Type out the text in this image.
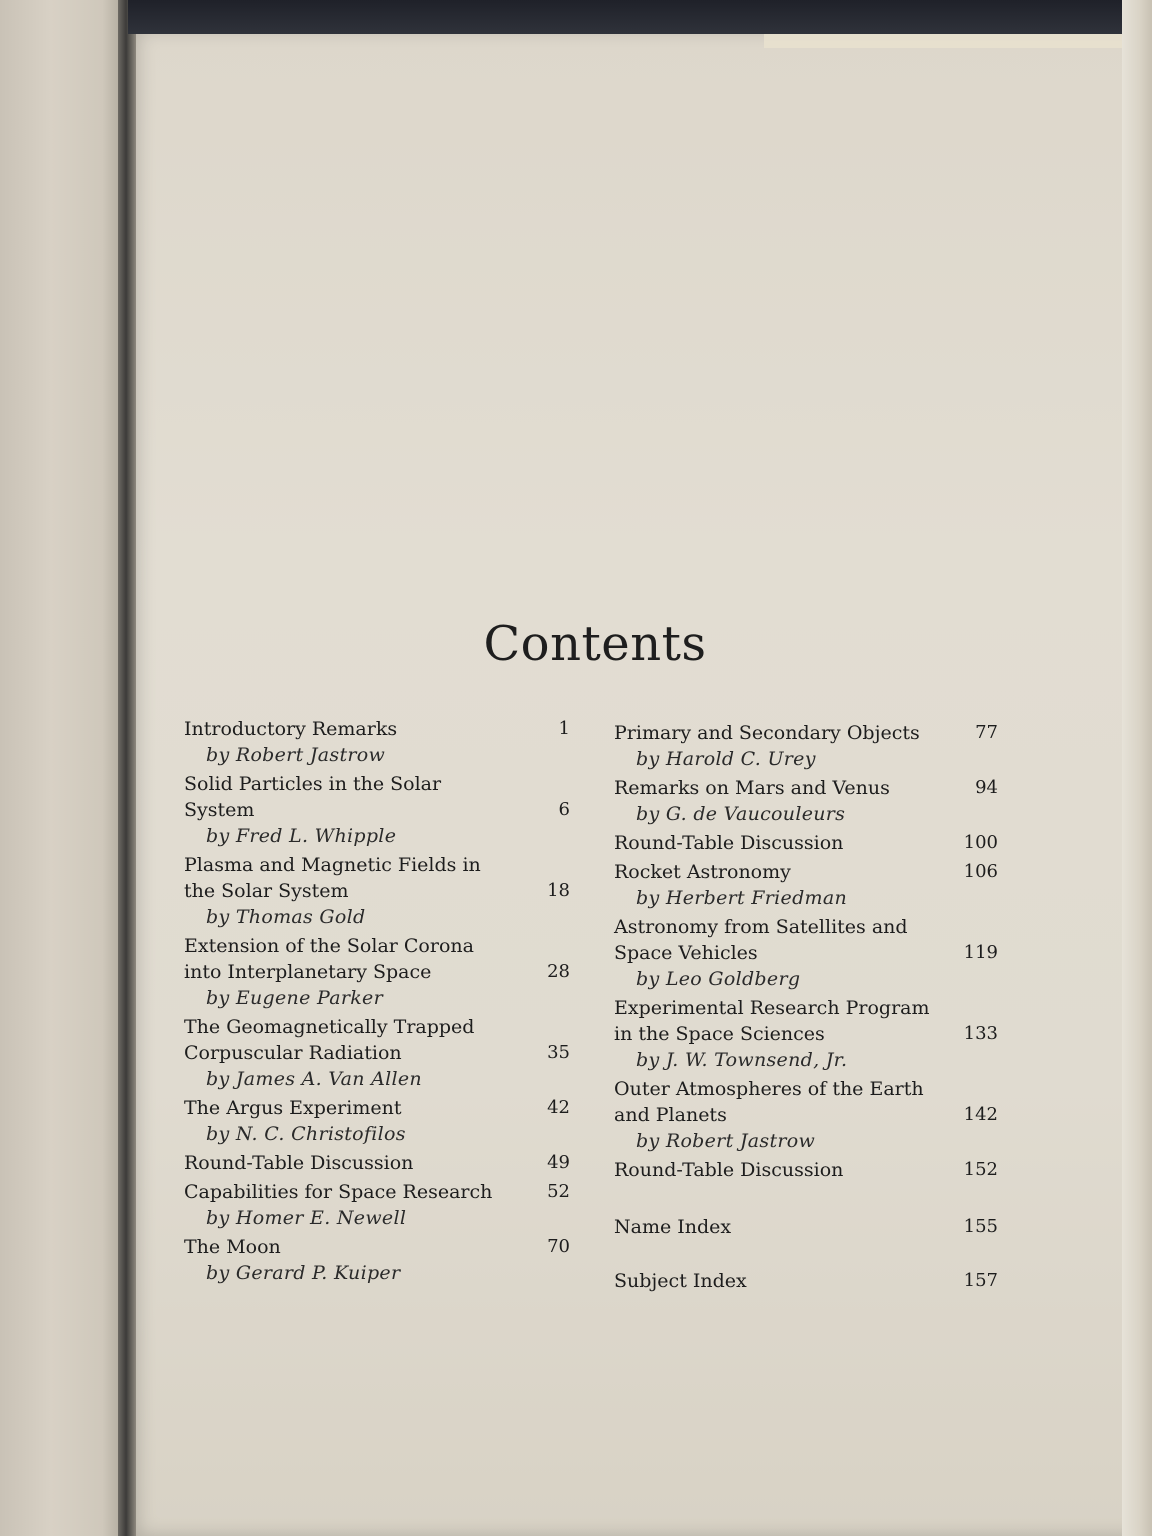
Contents
Introductory Remarks	1
by Robert Jastrow
Solid Particles in the Solar System	6
by Fred L. Whipple
Plasma and Magnetic Fields in
the Solar System	18
by Thomas Gold
Extension of the Solar Corona
into Interplanetary Space	28
by Eugene Parker
The Geomagnetically Trapped
Corpuscular Radiation	35
by James A. Van Allen
The Argus Experiment	42
by N. C. Christofilos
Round-Table Discussion	49
Capabilities for Space Research	52
by Homer E. Newell
The Moon	70
by Gerard P. Kuiper
Primary and Secondary Objects	77
by Harold C. Urey
Remarks on Mars and Venus	94
by G. de Vaucouleurs
Round-Table Discussion	100
Rocket Astronomy	106
by Herbert Friedman
Astronomy from Satellites and
Space Vehicles	119
by Leo Goldberg
Experimental Research Program
in the Space Sciences	133
by J. W. Townsend, Jr.
Outer Atmospheres of the Earth
and Planets	142
by Robert Jastrow
Round-Table Discussion	152
Name Index	155
Subject Index	157
